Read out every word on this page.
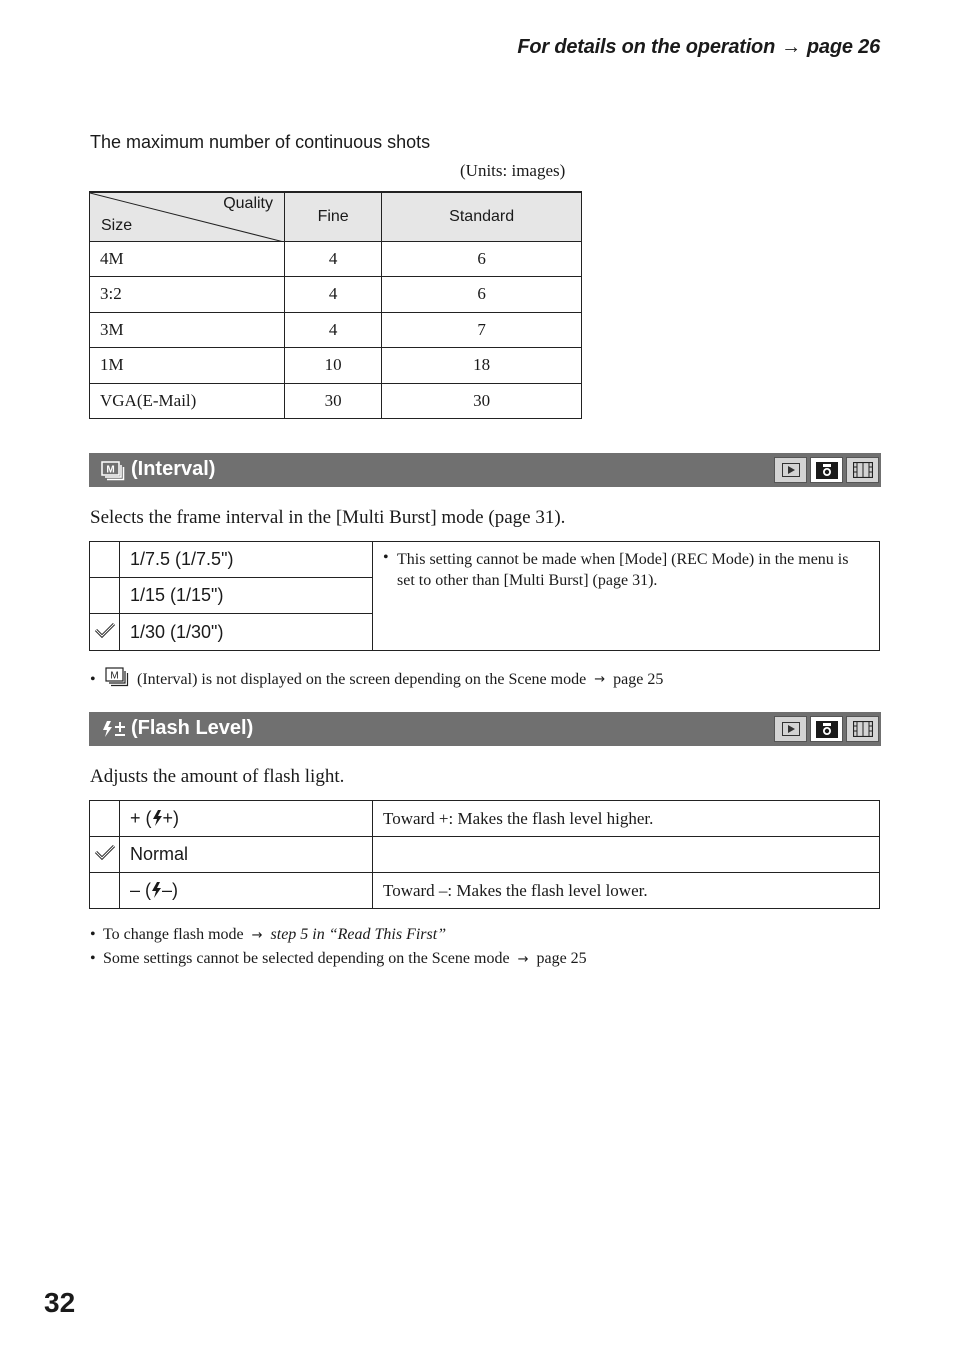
For details on the operation → page 26
The maximum number of continuous shots
(Units: images)
Quality
Size	Fine	Standard
4M	4	6
3:2	4	6
3M	4	7
1M	10	18
VGA(E-Mail)	30	30
M (Interval)
Selects the frame interval in the [Multi Burst] mode (page 31).
	1/7.5 (1/7.5")	• This setting cannot be made when [Mode] (REC Mode) in the menu is set to other than [Multi Burst] (page 31).
	1/15 (1/15")	
	1/30 (1/30")	
•	M (Interval) is not displayed on the screen depending on the Scene mode → page 25
(Flash Level)
Adjusts the amount of flash light.
	+ ( +)	Toward +: Makes the flash level higher.
	Normal	
	– ( –)	Toward –: Makes the flash level lower.
• To change flash mode → step 5 in “Read This First”
• Some settings cannot be selected depending on the Scene mode → page 25
32
